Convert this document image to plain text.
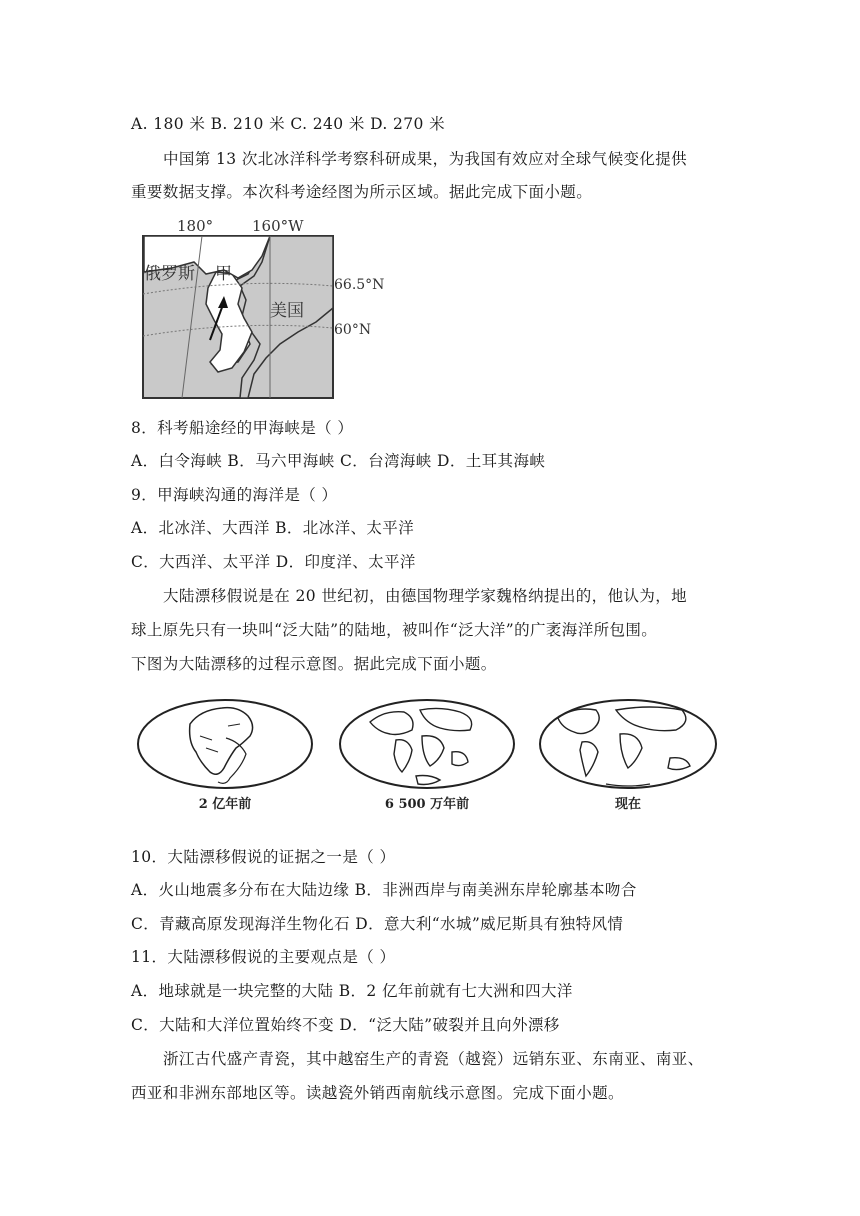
A. 180 米 B. 210 米 C. 240 米 D. 270 米
中国第 13 次北冰洋科学考察科研成果，为我国有效应对全球气候变化提供
重要数据支撑。本次科考途经图为所示区域。据此完成下面小题。
180°	160°W
俄罗斯 甲
美国
66.5°N
60°N
8．科考船途经的甲海峡是（ ）
A．白令海峡 B．马六甲海峡 C．台湾海峡 D．土耳其海峡
9．甲海峡沟通的海洋是（ ）
A．北冰洋、大西洋 B．北冰洋、太平洋
C．大西洋、太平洋 D．印度洋、太平洋
大陆漂移假说是在 20 世纪初，由德国物理学家魏格纳提出的，他认为，地
球上原先只有一块叫“泛大陆”的陆地，被叫作“泛大洋”的广袤海洋所包围。
下图为大陆漂移的过程示意图。据此完成下面小题。
2 亿年前	6 500 万年前	现在
10．大陆漂移假说的证据之一是（ ）
A．火山地震多分布在大陆边缘 B．非洲西岸与南美洲东岸轮廓基本吻合
C．青藏高原发现海洋生物化石 D．意大利“水城”威尼斯具有独特风情
11．大陆漂移假说的主要观点是（ ）
A．地球就是一块完整的大陆 B．2 亿年前就有七大洲和四大洋
C．大陆和大洋位置始终不变 D．“泛大陆”破裂并且向外漂移
浙江古代盛产青瓷，其中越窑生产的青瓷（越瓷）远销东亚、东南亚、南亚、
西亚和非洲东部地区等。读越瓷外销西南航线示意图。完成下面小题。
